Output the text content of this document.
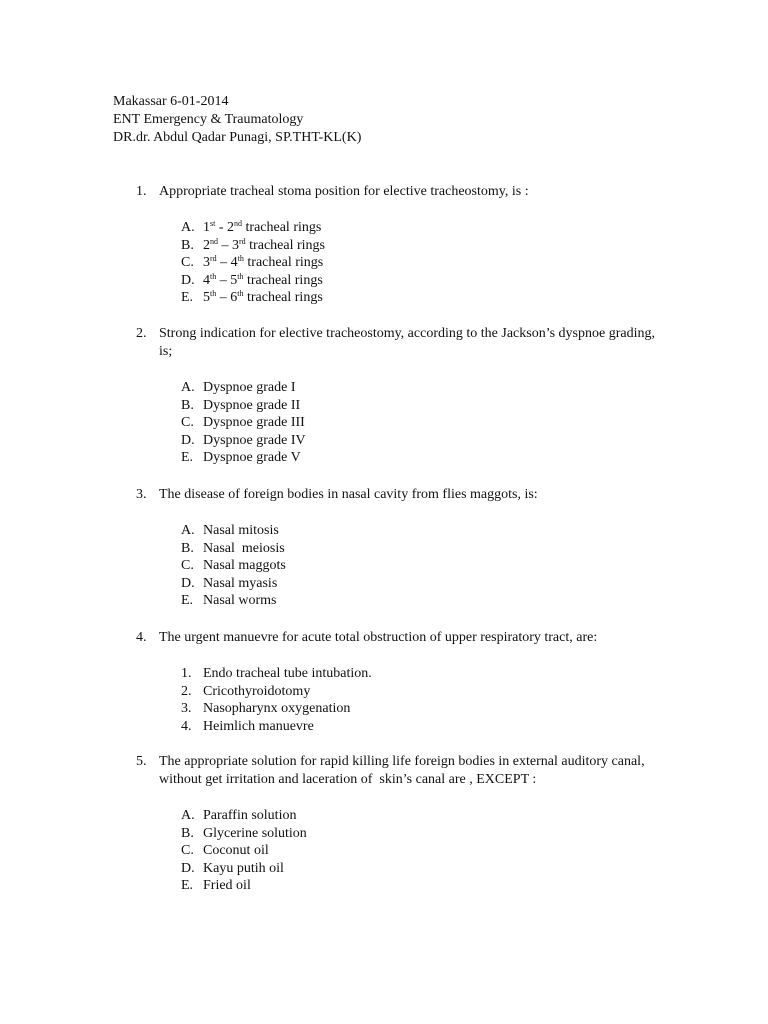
Makassar 6-01-2014
ENT Emergency & Traumatology
DR.dr. Abdul Qadar Punagi, SP.THT-KL(K)
1. Appropriate tracheal stoma position for elective tracheostomy, is :
A. 1st - 2nd tracheal rings
B. 2nd – 3rd tracheal rings
C. 3rd – 4th tracheal rings
D. 4th – 5th tracheal rings
E. 5th – 6th tracheal rings
2. Strong indication for elective tracheostomy, according to the Jackson’s dyspnoe grading, is;
A. Dyspnoe grade I
B. Dyspnoe grade II
C. Dyspnoe grade III
D. Dyspnoe grade IV
E. Dyspnoe grade V
3. The disease of foreign bodies in nasal cavity from flies maggots, is:
A. Nasal mitosis
B. Nasal  meiosis
C. Nasal maggots
D. Nasal myasis
E. Nasal worms
4. The urgent manuevre for acute total obstruction of upper respiratory tract, are:
1. Endo tracheal tube intubation.
2. Cricothyroidotomy
3. Nasopharynx oxygenation
4. Heimlich manuevre
5. The appropriate solution for rapid killing life foreign bodies in external auditory canal, without get irritation and laceration of  skin’s canal are , EXCEPT :
A. Paraffin solution
B. Glycerine solution
C. Coconut oil
D. Kayu putih oil
E. Fried oil
